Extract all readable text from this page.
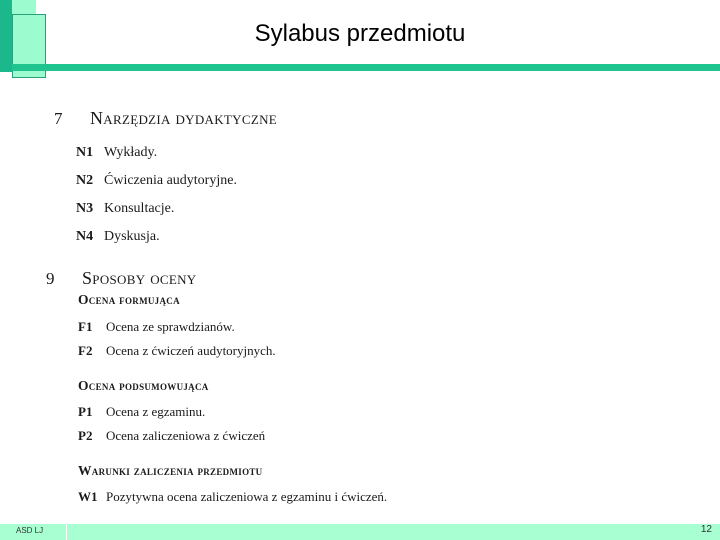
Sylabus przedmiotu
7 Narzędzia dydaktyczne
N1 Wykłady.
N2 Ćwiczenia audytoryjne.
N3 Konsultacje.
N4 Dyskusja.
9 Sposoby oceny
Ocena formująca
F1 Ocena ze sprawdzianów.
F2 Ocena z ćwiczeń audytoryjnych.
Ocena podsumowująca
P1 Ocena z egzaminu.
P2 Ocena zaliczeniowa z ćwiczeń
Warunki zaliczenia przedmiotu
W1 Pozytywna ocena zaliczeniowa z egzaminu i ćwiczeń.
ASD LJ	12
